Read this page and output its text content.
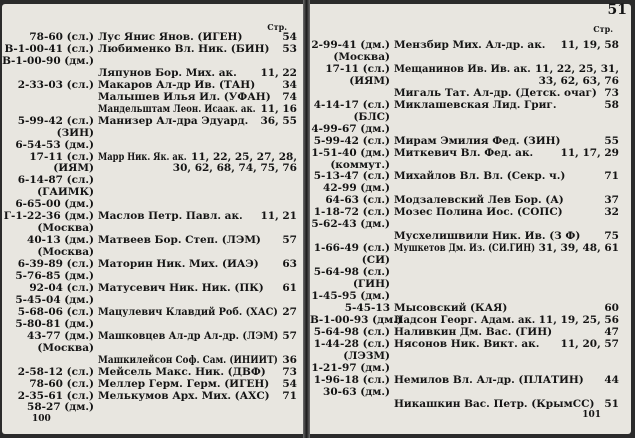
Стр.
78-60 (сл.) Лус Янис Янов. (ИГЕН)	54
В-1-00-41 (сл.) Любименко Вл. Ник. (БИН) 53
В-1-00-90 (дм.)
Ляпунов Бор. Мих. ак. 11, 22
2-33-03 (сл.) Макаров Ал-др Ив. (ТАН)	34
Малышев Илья Ил. (УФАН) 74
Мандельштам Леон. Исаак. ак. 11, 16
5-99-42 (сл.) Манизер Ал-дра Эдуард. 36, 55
(ЗИН)
6-54-53 (дм.)
17-11 (сл.) Марр Ник. Як. ак. 11, 22, 25, 27, 28,
(ИЯМ)	30, 62, 68, 74, 75, 76
6-14-87 (сл.)
(ГАИМК)
6-65-00 (дм.)
Г-1-22-36 (дм.) Маслов Петр. Павл. ак. 11, 21
(Москва)
40-13 (дм.) Матвеев Бор. Степ. (ЛЭМ) 57
(Москва)
6-39-89 (сл.) Маторин Ник. Мих. (ИАЭ) 63
5-76-85 (дм.)
92-04 (сл.) Матусевич Ник. Ник. (ПК) 61
5-45-04 (дм.)
5-68-06 (сл.) Мацулевич Клавдий Роб. (ХАС) 27
5-80-81 (дм.)
43-77 (дм.) Машковцев Ал-др Ал-др. (ЛЭМ) 57
(Москва)
Машкилейсон Соф. Сам. (ИНИИТ) 36
2-58-12 (сл.) Мейсель Макс. Ник. (ДВФ) 73
78-60 (сл.) Меллер Герм. Герм. (ИГЕН) 54
2-35-61 (сл.) Мелькумов Арх. Мих. (АХС) 71
58-27 (дм.)
100
Стр.
2-99-41 (дм.) Мензбир Мих. Ал-др. ак. 11, 19, 58
(Москва)
17-11 (сл.) Мещанинов Ив. Ив. ак. 11, 22, 25, 31,
(ИЯМ)	33, 62, 63, 76
Мигаль Тат. Ал-др. (Детск. очаг) 73
4-14-17 (сл.) Миклашевская Лид. Григ.	58
(БЛС)
4-99-67 (дм.)
5-99-42 (сл.) Мирам Эмилия Фед. (ЗИН)	55
1-51-40 (дм.) Миткевич Вл. Фед. ак.	11, 17, 29
(коммут.)
5-13-47 (сл.) Михайлов Вл. Вл. (Секр. ч.)	71
42-99 (дм.)
64-63 (сл.) Модзалевский Лев Бор. (А)	37
1-18-72 (сл.) Мозес Полина Иос. (СОПС)	32
5-62-43 (дм.)
Мусхелишвили Ник. Ив. (З Ф) 75
1-66-49 (сл.) Мушкетов Дм. Из. (СИ.ГИН) 31, 39, 48, 61
(СИ)
5-64-98 (сл.)
(ГИН)
1-45-95 (дм.)
5-45-13 Мысовский (КАЯ)	60
В-1-00-93 (дм.)
Надсон Георг. Адам. ак. 11, 19, 25, 56
5-64-98 (сл.) Наливкин Дм. Вас. (ГИН)	47
1-44-28 (сл.) Нясонов Ник. Викт. ак. 11, 20, 57
(ЛЭЗМ)
1-21-97 (дм.)
1-96-18 (сл.) Немилов Вл. Ал-др. (ПЛАТИН) 44
30-63 (дм.)
Никашкин Вас. Петр. (КрымСС) 51
101
51
